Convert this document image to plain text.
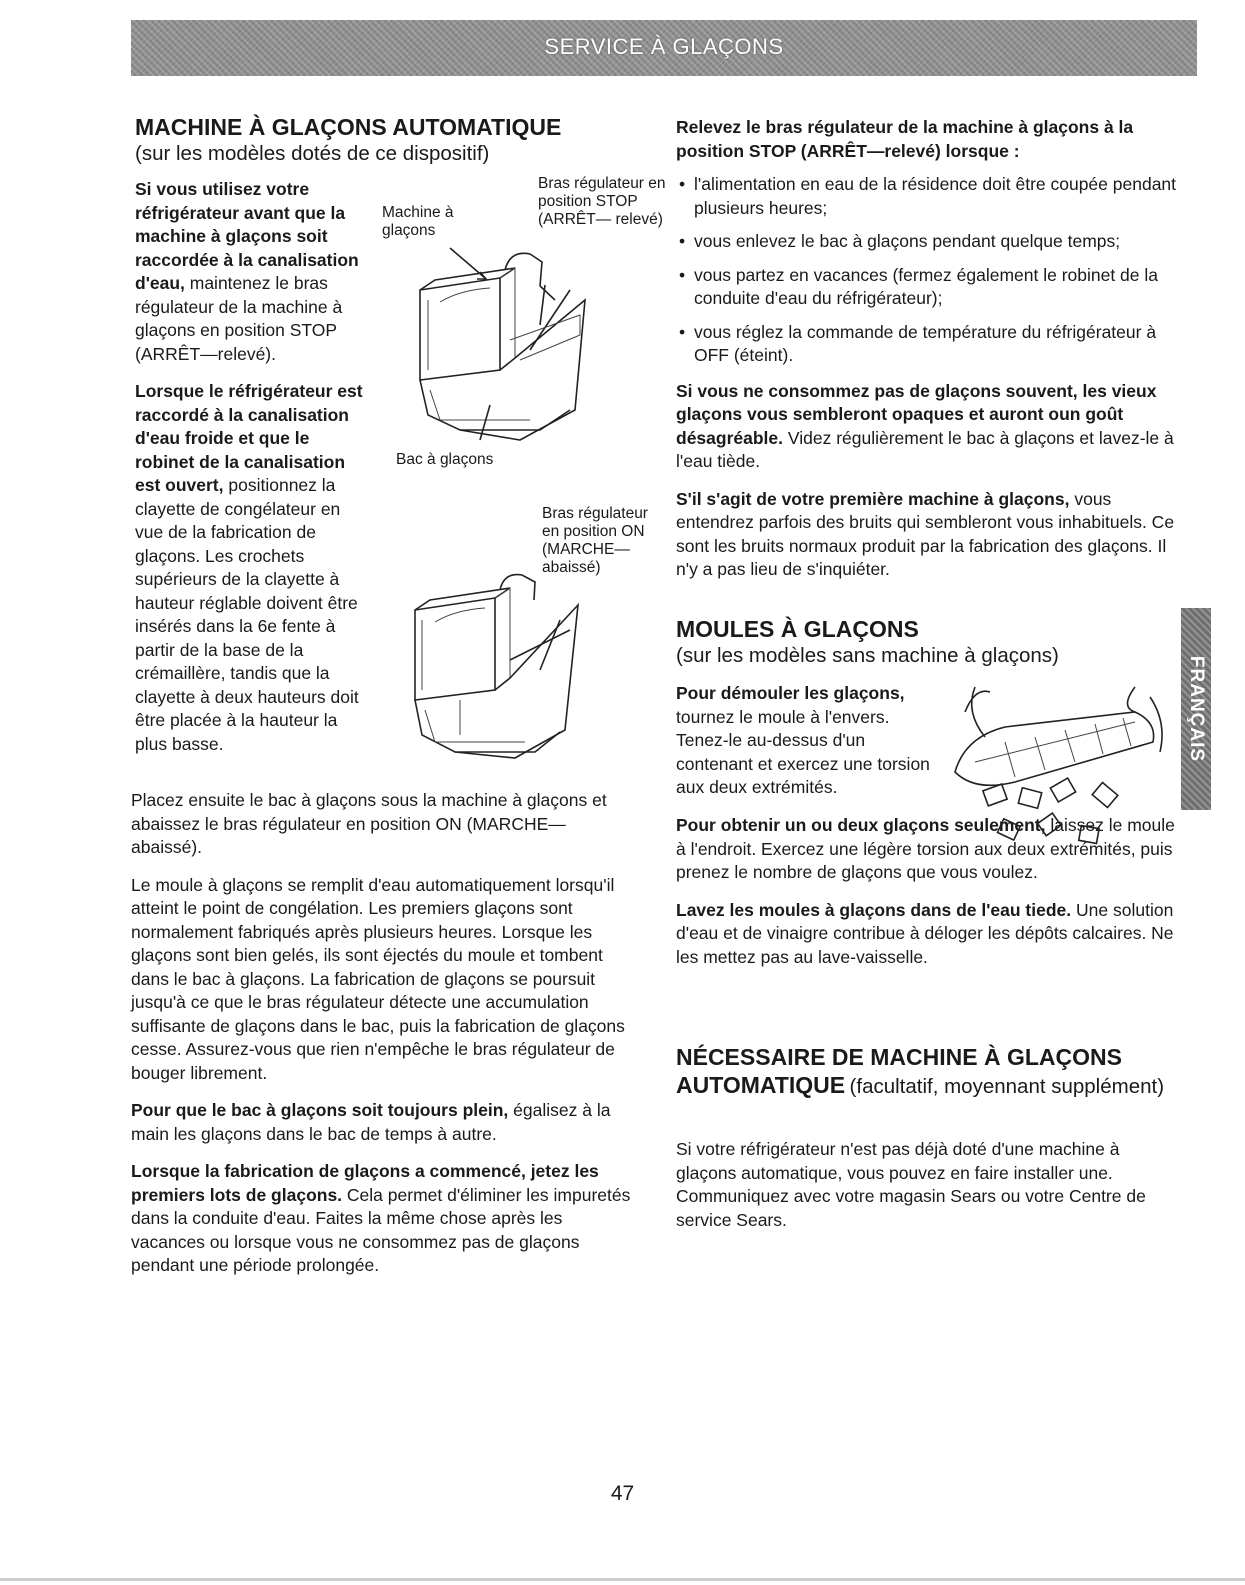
SERVICE À GLAÇONS
MACHINE À GLAÇONS AUTOMATIQUE
(sur les modèles dotés de ce dispositif)

Si vous utilisez votre réfrigérateur avant que la machine à glaçons soit raccordée à la canalisation d'eau, maintenez le bras régulateur de la machine à glaçons en position STOP (ARRÊT—relevé).

Lorsque le réfrigérateur est raccordé à la canalisation d'eau froide et que le robinet de la canalisation est ouvert, positionnez la clayette de congélateur en vue de la fabrication de glaçons. Les crochets supérieurs de la clayette à hauteur réglable doivent être insérés dans la 6e fente à partir de la base de la crémaillère, tandis que la clayette à deux hauteurs doit être placée à la hauteur la plus basse.

Placez ensuite le bac à glaçons sous la machine à glaçons et abaissez le bras régulateur en position ON (MARCHE—abaissé).

Le moule à glaçons se remplit d'eau automatiquement lorsqu'il atteint le point de congélation. Les premiers glaçons sont normalement fabriqués après plusieurs heures. Lorsque les glaçons sont bien gelés, ils sont éjectés du moule et tombent dans le bac à glaçons. La fabrication de glaçons se poursuit jusqu'à ce que le bras régulateur détecte une accumulation suffisante de glaçons dans le bac, puis la fabrication de glaçons cesse. Assurez-vous que rien n'empêche le bras régulateur de bouger librement.

Pour que le bac à glaçons soit toujours plein, égalisez à la main les glaçons dans le bac de temps à autre.

Lorsque la fabrication de glaçons a commencé, jetez les premiers lots de glaçons. Cela permet d'éliminer les impuretés dans la conduite d'eau. Faites la même chose après les vacances ou lorsque vous ne consommez pas de glaçons pendant une période prolongée.

Machine à glaçons
Bras régulateur en position STOP (ARRÊT— relevé)
Bac à glaçons
Bras régulateur en position ON (MARCHE— abaissé)

Relevez le bras régulateur de la machine à glaçons à la position STOP (ARRÊT—relevé) lorsque :

• l'alimentation en eau de la résidence doit être coupée pendant plusieurs heures;
• vous enlevez le bac à glaçons pendant quelque temps;
• vous partez en vacances (fermez également le robinet de la conduite d'eau du réfrigérateur);
• vous réglez la commande de température du réfrigérateur à OFF (éteint).

Si vous ne consommez pas de glaçons souvent, les vieux glaçons vous sembleront opaques et auront oun goût désagréable. Videz régulièrement le bac à glaçons et lavez-le à l'eau tiède.

S'il s'agit de votre première machine à glaçons, vous entendrez parfois des bruits qui sembleront vous inhabituels. Ce sont les bruits normaux produit par la fabrication des glaçons. Il n'y a pas lieu de s'inquiéter.

MOULES À GLAÇONS
(sur les modèles sans machine à glaçons)

Pour démouler les glaçons, tournez le moule à l'envers. Tenez-le au-dessus d'un contenant et exercez une torsion aux deux extrémités.

Pour obtenir un ou deux glaçons seulement, laissez le moule à l'endroit. Exercez une légère torsion aux deux extrémités, puis prenez le nombre de glaçons que vous voulez.

Lavez les moules à glaçons dans de l'eau tiede. Une solution d'eau et de vinaigre contribue à déloger les dépôts calcaires. Ne les mettez pas au lave-vaisselle.

NÉCESSAIRE DE MACHINE À GLAÇONS AUTOMATIQUE (facultatif, moyennant supplément)

Si votre réfrigérateur n'est pas déjà doté d'une machine à glaçons automatique, vous pouvez en faire installer une. Communiquez avec votre magasin Sears ou votre Centre de service Sears.

FRANÇAIS
47
